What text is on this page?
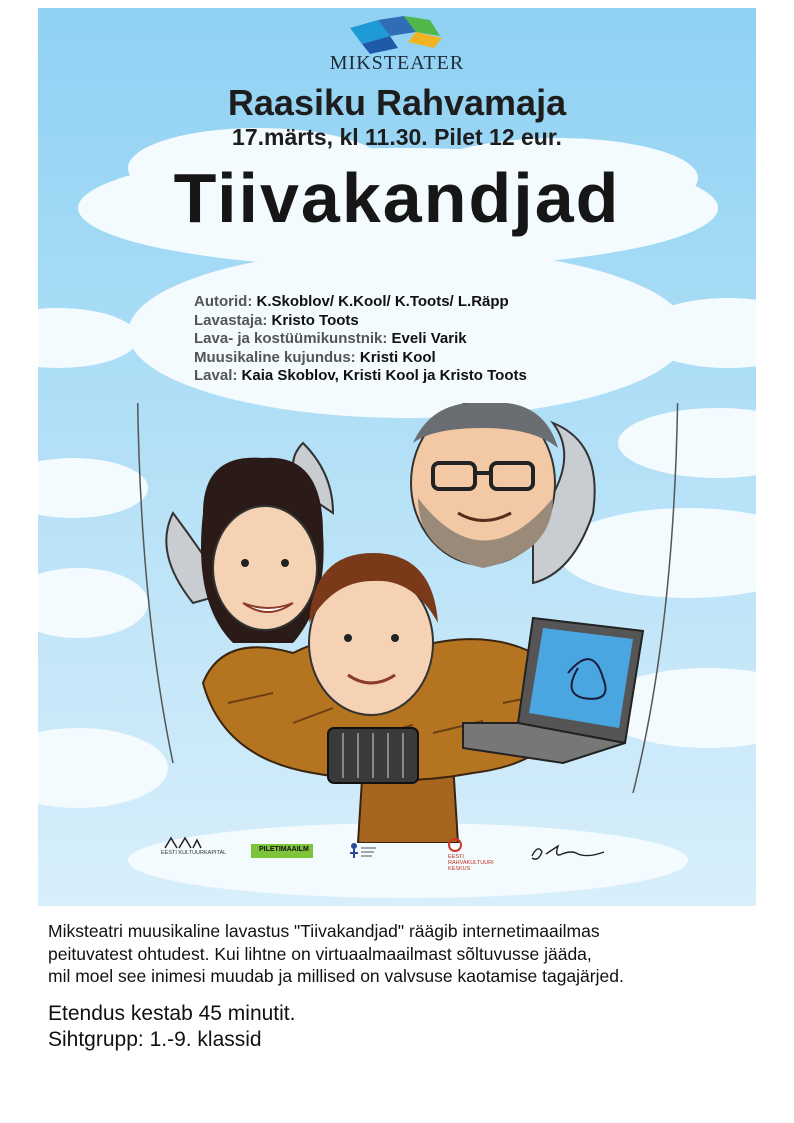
MIKSTEATER
Raasiku Rahvamaja
17.märts, kl 11.30. Pilet 12 eur.
Tiivakandjad
Autorid: K.Skoblov/ K.Kool/ K.Toots/ L.Räpp
Lavastaja: Kristo Toots
Lava- ja kostüümikunstnik: Eveli Varik
Muusikaline kujundus: Kristi Kool
Laval: Kaia Skoblov, Kristi Kool ja Kristo Toots
EESTI KULTUURKAPITAL	PILETIMAAILM
EESTI RAHVAKULTUURI KESKUS
Miksteatri muusikaline lavastus "Tiivakandjad" räägib internetimaailmas
peituvatest ohtudest. Kui lihtne on virtuaalmaailmast sõltuvusse jääda,
mil moel see inimesi muudab ja millised on valvsuse kaotamise tagajärjed.
Etendus kestab 45 minutit.
Sihtgrupp: 1.-9. klassid
